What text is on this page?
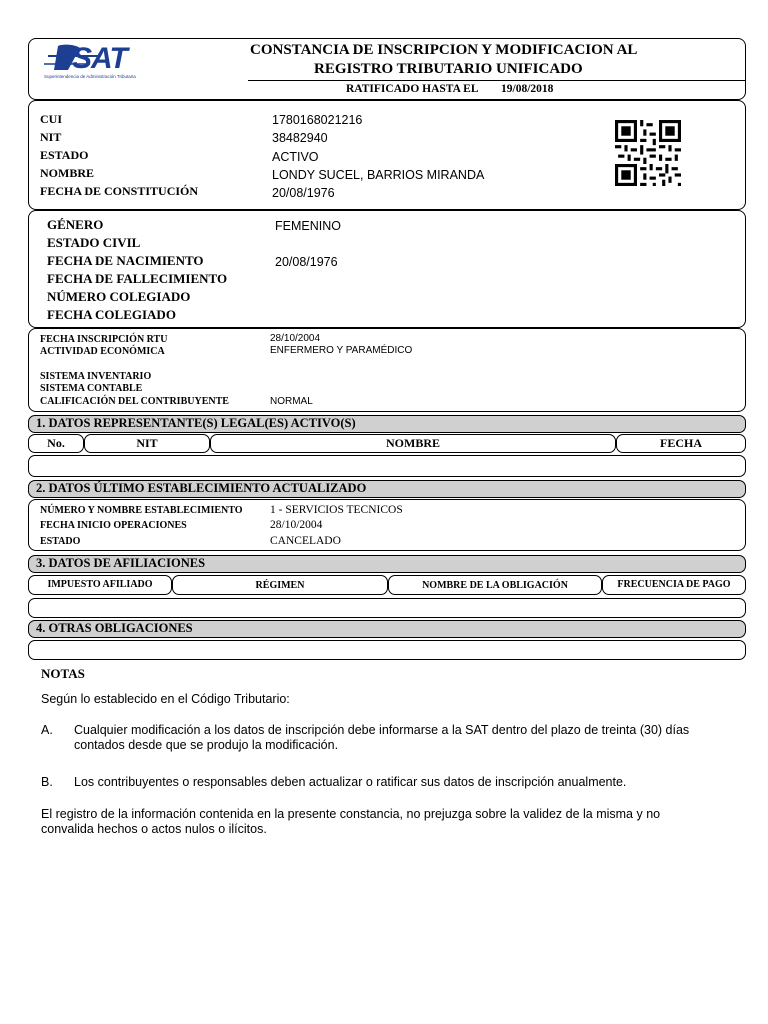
SAT
Superintendencia de Administración Tributaria
CONSTANCIA DE INSCRIPCION Y MODIFICACION AL
REGISTRO TRIBUTARIO UNIFICADO
RATIFICADO HASTA EL 19/08/2018
CUI	1780168021216
NIT	38482940
ESTADO	ACTIVO
NOMBRE	LONDY SUCEL, BARRIOS MIRANDA
FECHA DE CONSTITUCIÓN	20/08/1976
GÉNERO	FEMENINO
ESTADO CIVIL
FECHA DE NACIMIENTO	20/08/1976
FECHA DE FALLECIMIENTO
NÚMERO COLEGIADO
FECHA COLEGIADO
FECHA INSCRIPCIÓN RTU	28/10/2004
ACTIVIDAD ECONÓMICA	ENFERMERO Y PARAMÉDICO
SISTEMA INVENTARIO
SISTEMA CONTABLE
CALIFICACIÓN DEL CONTRIBUYENTE	NORMAL
1. DATOS REPRESENTANTE(S) LEGAL(ES) ACTIVO(S)
No.	NIT	NOMBRE	FECHA
2. DATOS ÚLTIMO ESTABLECIMIENTO ACTUALIZADO
NÚMERO Y NOMBRE ESTABLECIMIENTO 1 - SERVICIOS TECNICOS
FECHA INICIO OPERACIONES	28/10/2004
ESTADO	CANCELADO
3. DATOS DE AFILIACIONES
IMPUESTO AFILIADO	RÉGIMEN	NOMBRE DE LA OBLIGACIÓN	FRECUENCIA DE PAGO
4. OTRAS OBLIGACIONES
NOTAS
Según lo establecido en el Código Tributario:
A. Cualquier modificación a los datos de inscripción debe informarse a la SAT dentro del plazo de treinta (30) días
contados desde que se produjo la modificación.
B. Los contribuyentes o responsables deben actualizar o ratificar sus datos de inscripción anualmente.
El registro de la información contenida en la presente constancia, no prejuzga sobre la validez de la misma y no
convalida hechos o actos nulos o ilícitos.
